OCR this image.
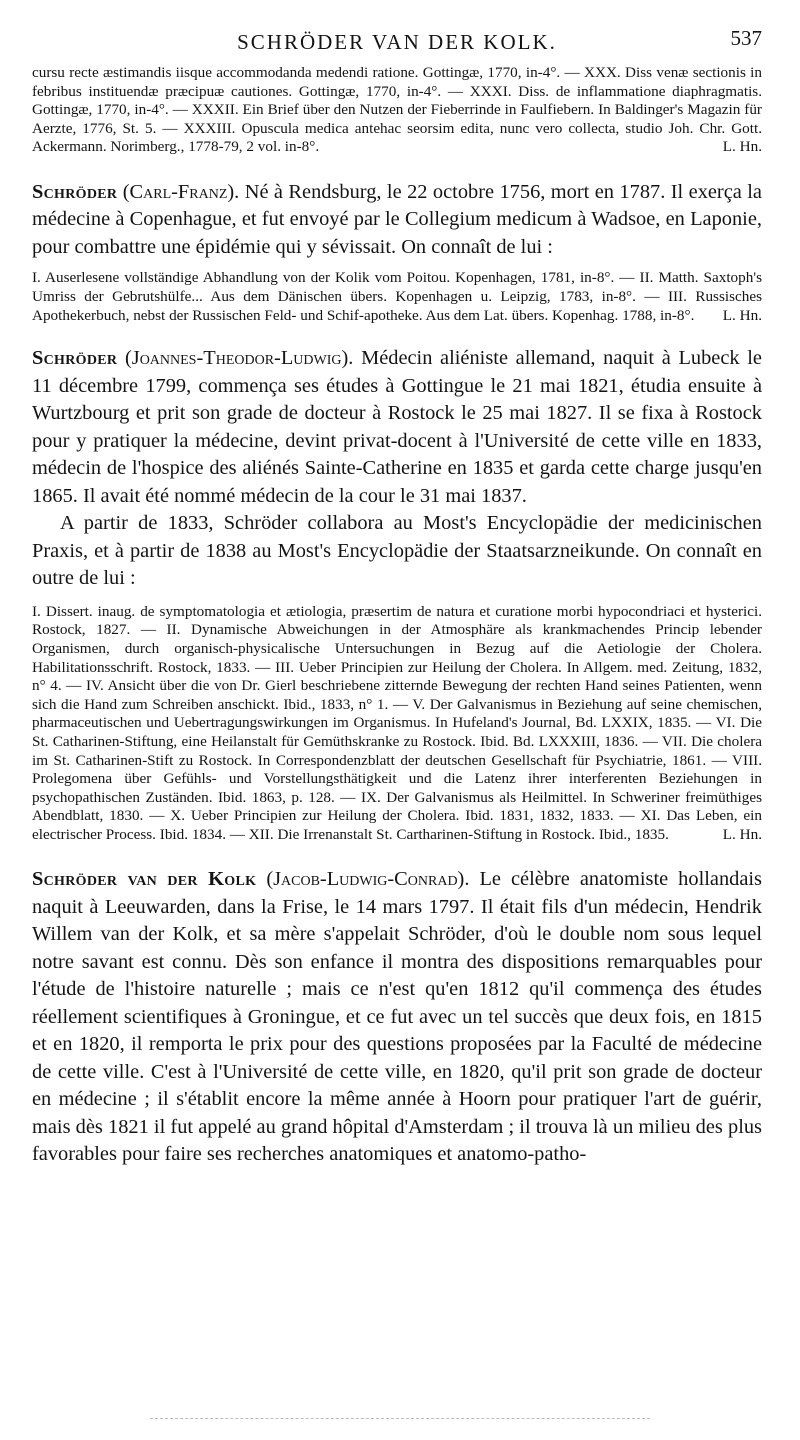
SCHRÖDER VAN DER KOLK.	537

cursu recte æstimandis iisque accommodanda medendi ratione. Gottingæ, 1770, in-4°. — XXX. Diss venæ sectionis in febribus instituendæ præcipuæ cautiones. Gottingæ, 1770, in-4°. — XXXI. Diss. de inflammatione diaphragmatis. Gottingæ, 1770, in-4°. — XXXII. Ein Brief über den Nutzen der Fieberrinde in Faulfiebern. In Baldinger's Magazin für Aerzte, 1776, St. 5. — XXXIII. Opuscula medica antehac seorsim edita, nunc vero collecta, studio Joh. Chr. Gott. Ackermann. Norimberg., 1778-79, 2 vol. in-8°.	L. Hn.

Schröder (Carl-Franz). Né à Rendsburg, le 22 octobre 1756, mort en 1787. Il exerça la médecine à Copenhague, et fut envoyé par le Collegium medicum à Wadsoe, en Laponie, pour combattre une épidémie qui y sévissait. On connaît de lui :

I. Auserlesene vollständige Abhandlung von der Kolik vom Poitou. Kopenhagen, 1781, in-8°. — II. Matth. Saxtoph's Umriss der Gebrutshülfe... Aus dem Dänischen übers. Kopenhagen u. Leipzig, 1783, in-8°. — III. Russisches Apothekerbuch, nebst der Russischen Feld- und Schif-apotheke. Aus dem Lat. übers. Kopenhag. 1788, in-8°. L. Hn.

Schröder (Joannes-Theodor-Ludwig). Médecin aliéniste allemand, naquit à Lubeck le 11 décembre 1799, commença ses études à Gottingue le 21 mai 1821, étudia ensuite à Wurtzbourg et prit son grade de docteur à Rostock le 25 mai 1827. Il se fixa à Rostock pour y pratiquer la médecine, devint privat-docent à l'Université de cette ville en 1833, médecin de l'hospice des aliénés Sainte-Catherine en 1835 et garda cette charge jusqu'en 1865. Il avait été nommé médecin de la cour le 31 mai 1837.

A partir de 1833, Schröder collabora au Most's Encyclopädie der medicinischen Praxis, et à partir de 1838 au Most's Encyclopädie der Staatsarzneikunde. On connaît en outre de lui :

I. Dissert. inaug. de symptomatologia et ætiologia, præsertim de natura et curatione morbi hypocondriaci et hysterici. Rostock, 1827. — II. Dynamische Abweichungen in der Atmosphäre als krankmachendes Princip lebender Organismen, durch organisch-physicalische Untersuchungen in Bezug auf die Aetiologie der Cholera. Habilitationsschrift. Rostock, 1833. — III. Ueber Principien zur Heilung der Cholera. In Allgem. med. Zeitung, 1832, n° 4. — IV. Ansicht über die von Dr. Gierl beschriebene zitternde Bewegung der rechten Hand seines Patienten, wenn sich die Hand zum Schreiben anschickt. Ibid., 1833, n° 1. — V. Der Galvanismus in Beziehung auf seine chemischen, pharmaceutischen und Uebertragungswirkungen im Organismus. In Hufeland's Journal, Bd. LXXIX, 1835. — VI. Die St. Catharinen-Stiftung, eine Heilanstalt für Gemüthskranke zu Rostock. Ibid. Bd. LXXXIII, 1836. — VII. Die cholera im St. Catharinen-Stift zu Rostock. In Correspondenzblatt der deutschen Gesellschaft für Psychiatrie, 1861. — VIII. Prolegomena über Gefühls- und Vorstellungsthätigkeit und die Latenz ihrer interferenten Beziehungen in psychopathischen Zuständen. Ibid. 1863, p. 128. — IX. Der Galvanismus als Heilmittel. In Schweriner freimüthiges Abendblatt, 1830. — X. Ueber Principien zur Heilung der Cholera. Ibid. 1831, 1832, 1833. — XI. Das Leben, ein electrischer Process. Ibid. 1834. — XII. Die Irrenanstalt St. Cartharinen-Stiftung in Rostock. Ibid., 1835.	L. Hn.

Schröder van der Kolk (Jacob-Ludwig-Conrad). Le célèbre anatomiste hollandais naquit à Leeuwarden, dans la Frise, le 14 mars 1797. Il était fils d'un médecin, Hendrik Willem van der Kolk, et sa mère s'appelait Schröder, d'où le double nom sous lequel notre savant est connu. Dès son enfance il montra des dispositions remarquables pour l'étude de l'histoire naturelle ; mais ce n'est qu'en 1812 qu'il commença des études réellement scientifiques à Groningue, et ce fut avec un tel succès que deux fois, en 1815 et en 1820, il remporta le prix pour des questions proposées par la Faculté de médecine de cette ville. C'est à l'Université de cette ville, en 1820, qu'il prit son grade de docteur en médecine ; il s'établit encore la même année à Hoorn pour pratiquer l'art de guérir, mais dès 1821 il fut appelé au grand hôpital d'Amsterdam ; il trouva là un milieu des plus favorables pour faire ses recherches anatomiques et anatomo-patho-
